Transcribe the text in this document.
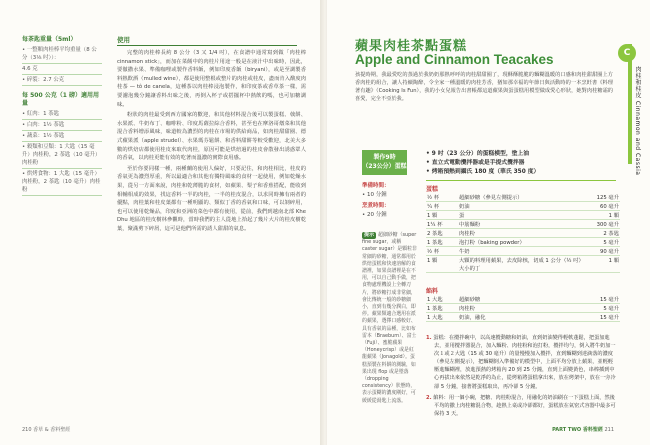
每茶匙重量（5ml）
• 一整顆肉桂棒平均重量（8 公分（3⅛ 吋））：
4.6 克
• 碎裂：2.7 公克
每 500 公克（1 磅）適用用量
• 紅肉：1 茶匙
• 白肉：1½ 茶匙
• 蔬菜：1½ 茶匙
• 穀類和豆類：1 大匙（15 毫升）肉桂粉，2 茶匙（10 毫升）肉桂粉
• 烘烤食物：1 大匙（15 毫升）肉桂粉，2 茶匙（10 毫升）肉桂粉
使用

完整的肉桂棒長約 8 公分（3 又 1/4 吋），在食譜中通常寫到做「肉桂棒 cinnamon stick」，而加在菜餚中的肉桂片用途一般是在液汁中出味時，因此，要徹撒水果、準備咖哩或製作香料飯，例如印度香飯（biryani），或是至調製香料熱飲酒（mulled wine），都是使用整根或整片的肉桂或桂皮，盡而肯入酸度肉桂茶 — tô de canela，這種茶以肉桂棒浸泡製作，和印度茶或香草茶一樣，需要濾泡幾分鐘讓香料出味之後，再倒入杯子或搭擺杯中熱飲的嗎，也可加糖調味。

粉狀的肉桂最受到西方國家的歡迎，和其他材料混合後可以製蛋糕、戟餅、水果派、牛奶布丁、咖啡粉、印度馬薩拉綜合香料，甚至也在摩洛哥燉菜和其他混合香料增添風味，味道較為濃烈的肉桂在市場的供給商品，如肉桂甜甜圈、德式蘋果派（apple strudel）、水果瑪芬鬆餅、和香料甜餅等較受歡迎，北美大多數的烘焙店都使用桂皮來取代肉桂，原因可能是烘焙過的桂皮會散發出誘惑眾人的香氣，以肉桂更能有效的吃著而溫濃的實際食用感。

至於你要同樣一種，兩種蘭的使用人偏好，只要記住，和肉桂相比，桂皮的香氣更為濃烈厚重，所以最適合和其他有獨特風味的食材一起使用，例如乾燥水果，從另一方面來說，肉桂和乾薄脆的食材，如蘋果、梨子和香蕉搭配，能收到相輔相成的效果，找這香料一半的肉桂，一半的桂皮混合，以求同時擁有兩者的優點，肉桂葉和桂皮葉都有一種明顯的、類似丁香的香氣和口味，可以剝碎用，也可以使用乾燥品，印度和亞洲的菜色中都有使用，從前，我們到越南北部 Khe Dhu 地區的桂皮樹林參觀時，當時我們的主人從地上拾起了幾片大片的桂皮樹乾葉，聚滿剪下碎屑，這可是他們所需的誘人甜甜的氣息。

210 香草 & 香料聖經
C
肉桂和桂皮 Cinnamon and Cassia
蘋果肉桂茶點蛋糕
Apple and Cinnamon Teacakes
孩提時期，我最愛吃的蒸過於我奶奶那熱呼呼的肉桂甜甜圈了，現酥酥脆脆的麵糊溫暖的口感和肉桂甜甜圈上方香肉桂的組合，讓人持續陶醉，令全家一種溫暖的肉桂芳香，猶如那幸福的年節日與活動時的一本烹飪書《料理著有趣》（Cooking Is Fun），我的小女兒報告出書帳都這道蘋果與蛋蛋糕用模型做成愛心形狀，她對肉桂糖霜的喜愛，完全不亞於我。
製作9時
（23公分）蛋糕
準備時間：
• 10 分鐘
烹煮時間：
• 20 分鐘
提示 超細砂糖（super fine sugar，或稱 caster sugar）是顆粒非常細的砂糖，通常都用於烘焙蛋糕和快速溶解的食譜裡，如果食譜裡是在不用，可以自己動手做，把食物處理機設上全轉刀片，將砂糖打成非常細，會比傳統一般的砂糖細小，直到有幾分潤白，即停。蘋果類適合選用在派的蘋果，選擇口感較好、具有香氣的品種，比如布雷本（Braeburn）、富士（Fuji）、蜜脆蘋果（Honeycrisp）或是紅龍蘋果（Jonagold）。蛋糕預製在料餅的測驗，如果出現 flop 或是墜落（dropping consistency）狀態時，表示蛋糊的濃度剛好，可緩緩從湯匙上流落。
• 9 吋（23 公分）的蛋糕模型，塗上油
• 直立式電動攪拌器或是手提式攪拌器
• 烤箱預熱到攝氏 180 度（華氏 350 度）
蛋糕
½ 杯		超細砂糖（參見左側提示）	125 毫升
¼ 杯		奶油	60 毫升
1 顆		蛋	1 顆
1¼ 杯		中筋麵粉	300 毫升
2 茶匙		肉桂粉	2 茶匙
1 茶匙		泡打粉（baking powder）	5 毫升
½ 杯		牛奶	90 毫升
1 顆		大顆的料理用蘋果，去皮除核，切成 1 公分（½ 吋）大小的丁	1 顆
餡料
1 大匙		超細砂糖	15 毫升
1 茶匙		肉桂粉	5 毫升
1 大匙		奶油，融化	15 毫升
1. 蛋糕：在攪拌碗中，以高速攪動糖和奶油，直到奶油變得輕軟蓬鬆，把蛋加進去，並用攪拌器混合，加入麵粉、肉桂粉和泡打粉，攪拌均勻，倒入將牛奶加一次１或２大匙（15 或 30 毫升）的量慢慢加入攪拌，直到麵糊到達滴落的濃度（參見左側提示），把麵糊倒入準備好的模型中，上面平均分放上蘋果，並輕輕壓進麵糊裡，放進預熱的烤箱內 20 到 25 分鐘，直到上面變黃色，串棒插到中心再拔出來依然是乾淨的為止，從烤箱將蛋糕拿出來，放在烤架中，放在一旁冷卻 5 分鐘，接著將蛋糕取出，再冷卻 5 分鐘。
2. 餡料：用一個小碗，把糖、肉桂粉混合，用融化的奶油刷在一下蛋糕上面，然後平均的撒上肉桂糖混合物，趁熱上桌或冷卻都好，蛋糕放在氣密式容器中最多可保持 3 天。
PART TWO 香料聖經 211
